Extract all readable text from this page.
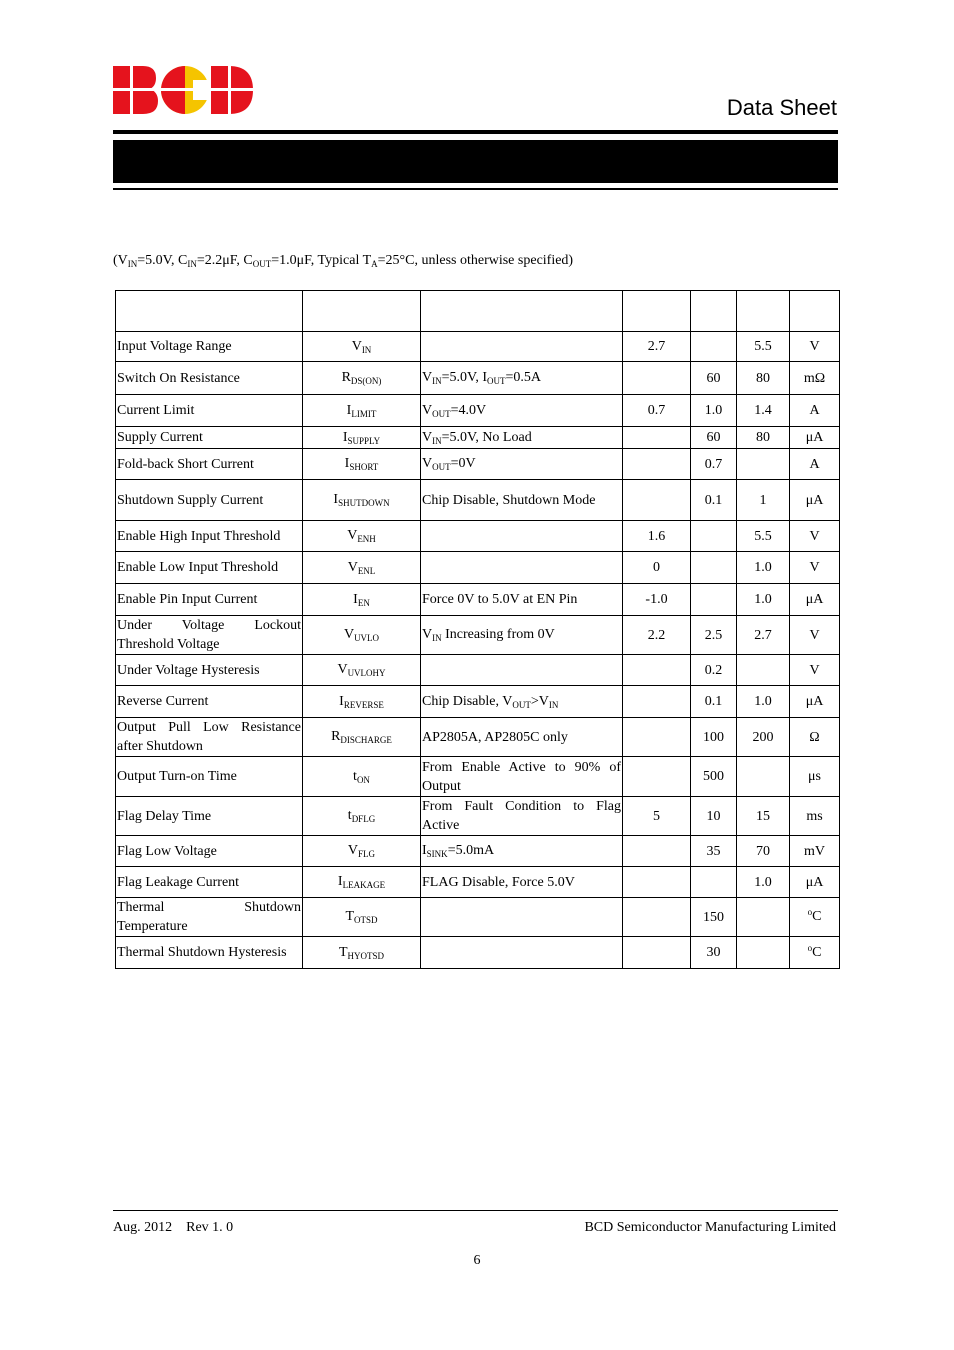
Data Sheet
($V_{IN}=5.0V$, $C_{IN}=2.2\mu F$, $C_{OUT}=1.0\mu F$, Typical $T_A=25^\circ C$, unless otherwise specified)

Input Voltage Range	$V_{IN}$		2.7		5.5	V
Switch On Resistance	$R_{DS(ON)}$	$V_{IN}=5.0V$, $I_{OUT}=0.5A$		60	80	mΩ
Current Limit	$I_{LIMIT}$	$V_{OUT}=4.0V$	0.7	1.0	1.4	A
Supply Current	$I_{SUPPLY}$	$V_{IN}=5.0V$, No Load		60	80	μA
Fold-back Short Current	$I_{SHORT}$	$V_{OUT}=0V$		0.7		A
Shutdown Supply Current	$I_{SHUTDOWN}$	Chip Disable, Shutdown Mode		0.1	1	μA
Enable High Input Threshold	$V_{ENH}$		1.6		5.5	V
Enable Low Input Threshold	$V_{ENL}$		0		1.0	V
Enable Pin Input Current	$I_{EN}$	Force 0V to 5.0V at EN Pin	-1.0		1.0	μA

Under Voltage Lockout
Threshold Voltage	$V_{UVLO}$	$V_{IN}$ Increasing from 0V	2.2	2.5	2.7	V
Under Voltage Hysteresis	$V_{UVLOHY}$			0.2		V
Reverse Current	$I_{REVERSE}$	Chip Disable, $V_{OUT}>V_{IN}$		0.1	1.0	μA

Output Pull Low Resistance
after Shutdown	$R_{DISCHARGE}$	AP2805A, AP2805C only		100	200	Ω
Output Turn-on Time	$t_{ON}$	From Enable Active to 90% of
Output		500		μs
Flag Delay Time	$t_{DFLG}$	From Fault Condition to Flag
Active	5	10	15	ms
Flag Low Voltage	$V_{FLG}$	$I_{SINK}=5.0mA$		35	70	mV
Flag Leakage Current	$I_{LEAKAGE}$	FLAG Disable, Force 5.0V			1.0	μA

Thermal Shutdown
Temperature	$T_{OTSD}$			150		$^o$C
Thermal Shutdown Hysteresis	$T_{HYOTSD}$			30		$^o$C
Aug. 2012 Rev 1. 0	BCD Semiconductor Manufacturing Limited
6
